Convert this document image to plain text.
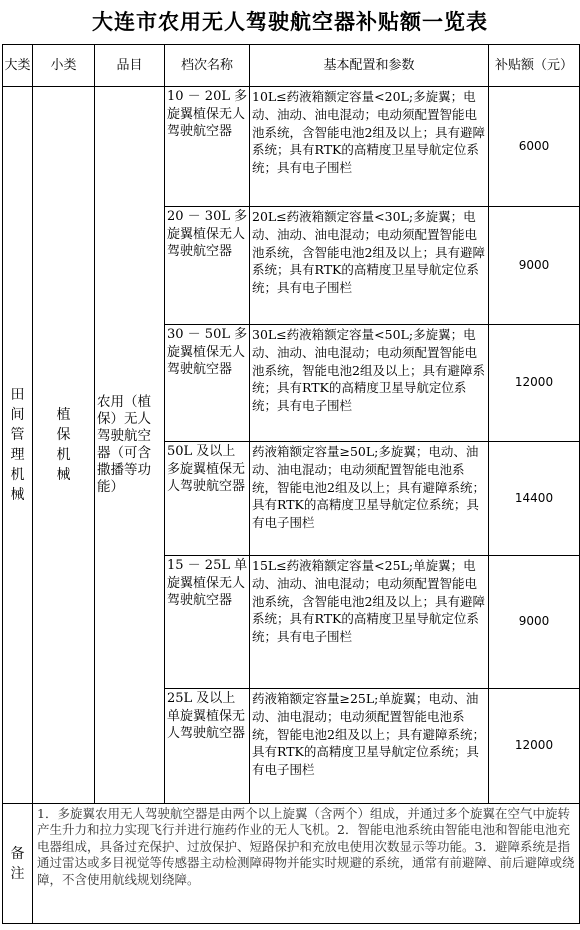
大连市农用无人驾驶航空器补贴额一览表
大类	小类	品目	档次名称	基本配置和参数	补贴额（元）
田间管理机械	植保机械	农用（植保）无人驾驶航空器（可含撒播等功能）	10 － 20L 多旋翼植保无人驾驶航空器	10L≤药液箱额定容量<20L;多旋翼；电动、油动、油电混动；电动须配置智能电池系统，含智能电池2组及以上；具有避障系统；具有RTK的高精度卫星导航定位系统；具有电子围栏	6000
			20 － 30L 多旋翼植保无人驾驶航空器	20L≤药液箱额定容量<30L;多旋翼；电动、油动、油电混动；电动须配置智能电池系统，含智能电池2组及以上；具有避障系统；具有RTK的高精度卫星导航定位系统；具有电子围栏	9000
			30 － 50L 多旋翼植保无人驾驶航空器	30L≤药液箱额定容量<50L;多旋翼；电动、油动、油电混动；电动须配置智能电池系统，智能电池2组及以上；具有避障系统；具有RTK的高精度卫星导航定位系统；具有电子围栏	12000
			50L 及以上多旋翼植保无人驾驶航空器	药液箱额定容量≥50L;多旋翼；电动、油动、油电混动；电动须配置智能电池系统，智能电池2组及以上；具有避障系统；具有RTK的高精度卫星导航定位系统；具有电子围栏	14400
			15 － 25L 单旋翼植保无人驾驶航空器	15L≤药液箱额定容量<25L;单旋翼；电动、油动、油电混动；电动须配置智能电池系统，含智能电池2组及以上；具有避障系统；具有RTK的高精度卫星导航定位系统；具有电子围栏	9000
			25L 及以上单旋翼植保无人驾驶航空器	药液箱额定容量≥25L;单旋翼；电动、油动、油电混动；电动须配置智能电池系统，智能电池2组及以上；具有避障系统；具有RTK的高精度卫星导航定位系统；具有电子围栏	12000
备注	1．多旋翼农用无人驾驶航空器是由两个以上旋翼（含两个）组成，并通过多个旋翼在空气中旋转产生升力和拉力实现飞行并进行施药作业的无人飞机。2．智能电池系统由智能电池和智能电池充电器组成，具备过充保护、过放保护、短路保护和充放电使用次数显示等功能。3．避障系统是指通过雷达或多目视觉等传感器主动检测障碍物并能实时规避的系统，通常有前避障、前后避障或绕障，不含使用航线规划绕障。				
